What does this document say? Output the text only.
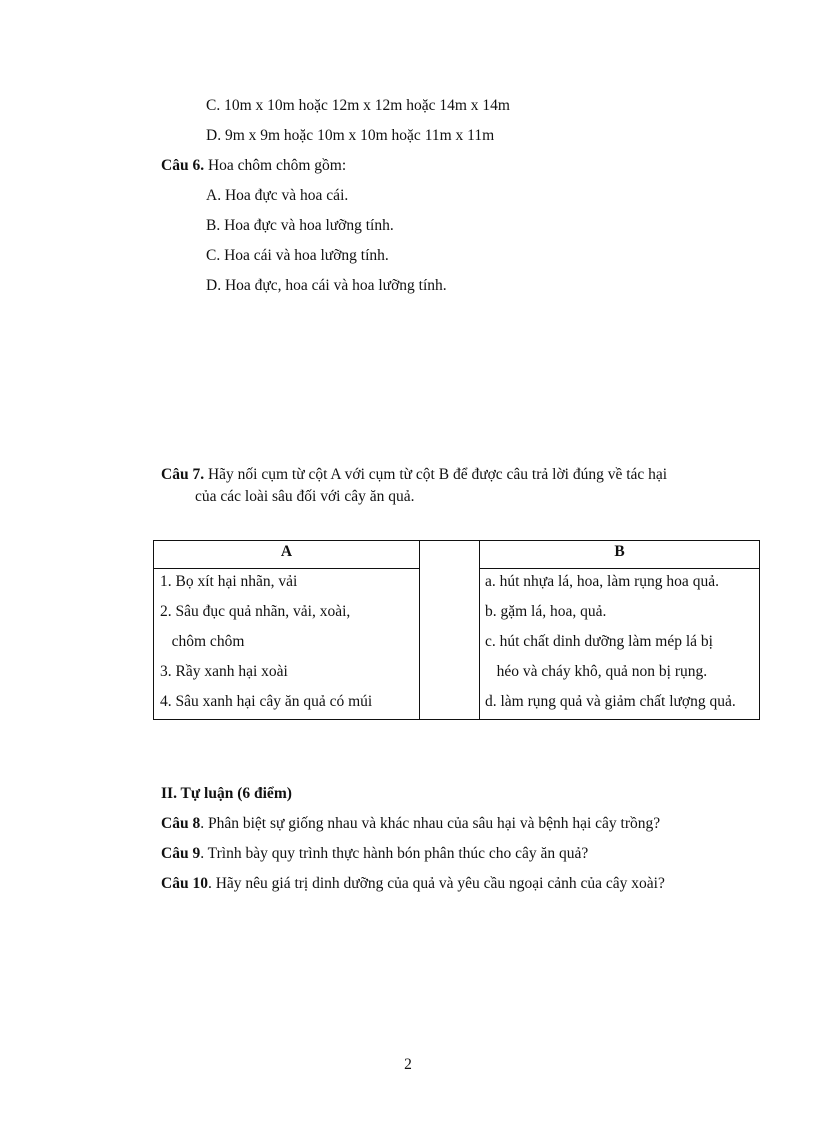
C. 10m x 10m hoặc 12m x 12m hoặc 14m x 14m
D. 9m x 9m hoặc 10m x 10m hoặc 11m x 11m
Câu 6. Hoa chôm chôm gồm:
A. Hoa đực và hoa cái.
B. Hoa đực và hoa lưỡng tính.
C. Hoa cái và hoa lưỡng tính.
D. Hoa đực, hoa cái và hoa lưỡng tính.
Câu 7. Hãy nối cụm từ cột A với cụm từ cột B để được câu trả lời đúng về tác hại
của các loài sâu đối với cây ăn quả.
A	B
1. Bọ xít hại nhãn, vải
2. Sâu đục quả nhãn, vải, xoài,
chôm chôm
3. Rầy xanh hại xoài
4. Sâu xanh hại cây ăn quả có múi
a. hút nhựa lá, hoa, làm rụng hoa quả.
b. gặm lá, hoa, quả.
c. hút chất dinh dưỡng làm mép lá bị
héo và cháy khô, quả non bị rụng.
d. làm rụng quả và giảm chất lượng quả.
II. Tự luận (6 điểm)
Câu 8. Phân biệt sự giống nhau và khác nhau của sâu hại và bệnh hại cây trồng?
Câu 9. Trình bày quy trình thực hành bón phân thúc cho cây ăn quả?
Câu 10. Hãy nêu giá trị dinh dưỡng của quả và yêu cầu ngoại cảnh của cây xoài?
2
